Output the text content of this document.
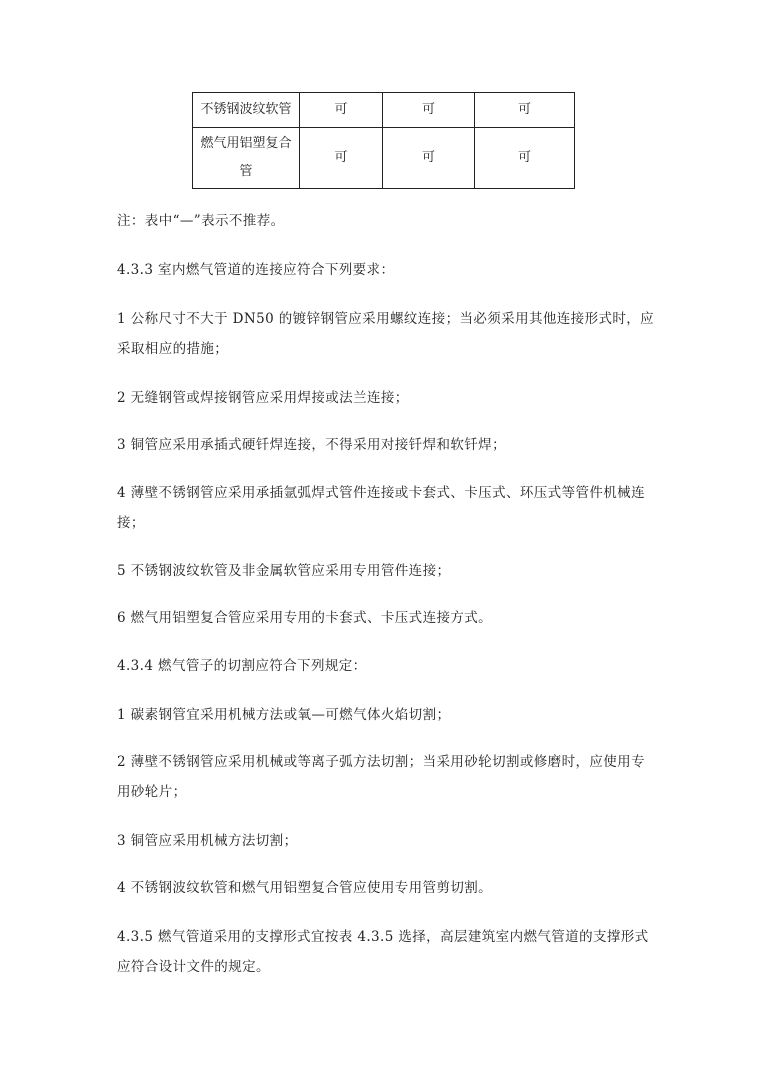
不锈钢波纹软管	可	可	可
燃气用铝塑复合管	可	可	可
注：表中“—”表示不推荐。
4.3.3 室内燃气管道的连接应符合下列要求：
1 公称尺寸不大于 DN50 的镀锌钢管应采用螺纹连接；当必须采用其他连接形式时，应采取相应的措施；
2 无缝钢管或焊接钢管应采用焊接或法兰连接；
3 铜管应采用承插式硬钎焊连接，不得采用对接钎焊和软钎焊；
4 薄壁不锈钢管应采用承插氩弧焊式管件连接或卡套式、卡压式、环压式等管件机械连接；
5 不锈钢波纹软管及非金属软管应采用专用管件连接；
6 燃气用铝塑复合管应采用专用的卡套式、卡压式连接方式。
4.3.4 燃气管子的切割应符合下列规定：
1 碳素钢管宜采用机械方法或氧—可燃气体火焰切割；
2 薄壁不锈钢管应采用机械或等离子弧方法切割；当采用砂轮切割或修磨时，应使用专用砂轮片；
3 铜管应采用机械方法切割；
4 不锈钢波纹软管和燃气用铝塑复合管应使用专用管剪切割。
4.3.5 燃气管道采用的支撑形式宜按表 4.3.5 选择，高层建筑室内燃气管道的支撑形式应符合设计文件的规定。
